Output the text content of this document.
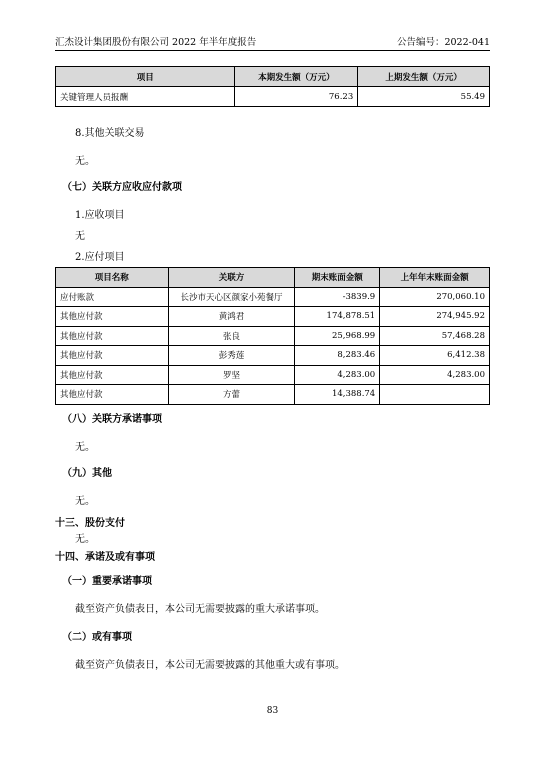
汇杰设计集团股份有限公司 2022 年半年度报告	公告编号：2022-041
项目	本期发生额（万元）	上期发生额（万元）
关键管理人员报酬	76.23	55.49
8.其他关联交易
无。
（七）关联方应收应付款项
1.应收项目
无
2.应付项目
项目名称	关联方	期末账面金额	上年年末账面金额
应付账款	长沙市天心区颜家小苑餐厅	-3839.9	270,060.10
其他应付款	黄鸿君	174,878.51	274,945.92
其他应付款	张良	25,968.99	57,468.28
其他应付款	彭秀莲	8,283.46	6,412.38
其他应付款	罗坚	4,283.00	4,283.00
其他应付款	方蕾	14,388.74	
（八）关联方承诺事项
无。
（九）其他
无。
十三、股份支付
无。
十四、承诺及或有事项
（一）重要承诺事项
截至资产负债表日，本公司无需要披露的重大承诺事项。
（二）或有事项
截至资产负债表日，本公司无需要披露的其他重大或有事项。
83
